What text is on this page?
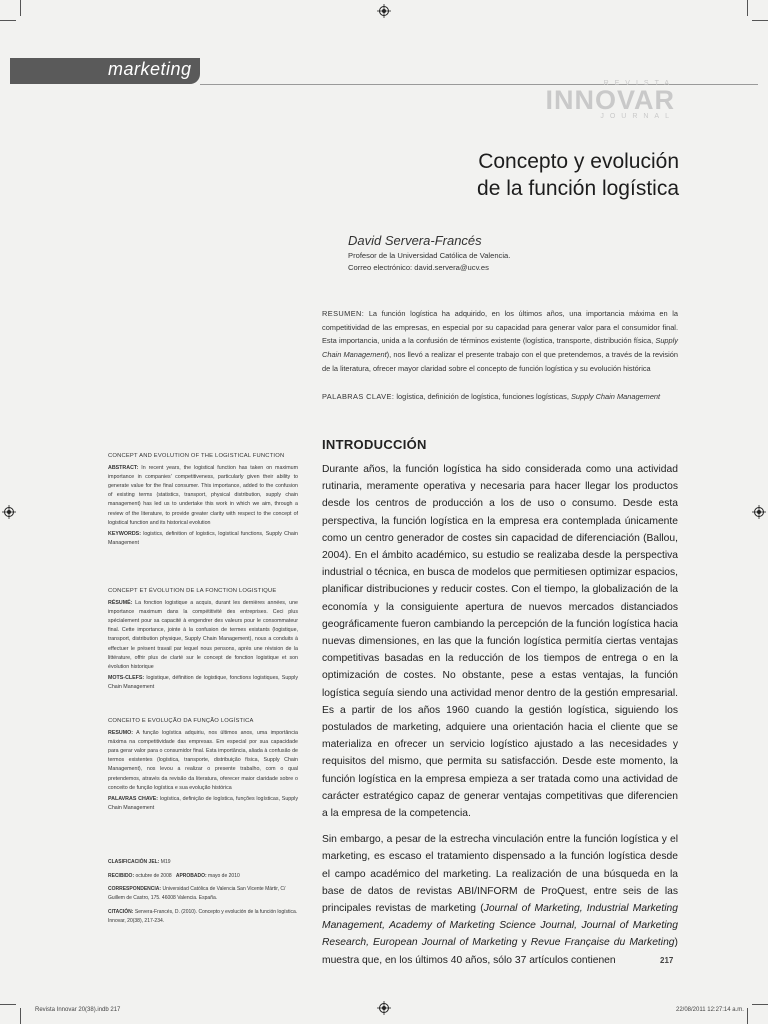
marketing
REVISTA
INNOVAR
JOURNAL
Concepto y evolución
de la función logística
David Servera-Francés
Profesor de la Universidad Católica de Valencia.
Correo electrónico: david.servera@ucv.es
RESUMEN: La función logística ha adquirido, en los últimos años, una importancia máxima en la competitividad de las empresas, en especial por su capacidad para generar valor para el consumidor final. Esta importancia, unida a la confusión de términos existente (logística, transporte, distribución física, Supply Chain Management), nos llevó a realizar el presente trabajo con el que pretendemos, a través de la revisión de la literatura, ofrecer mayor claridad sobre el concepto de función logística y su evolución histórica
PALABRAS CLAVE: logística, definición de logística, funciones logísticas, Supply Chain Management
INTRODUCCIÓN

Durante años, la función logística ha sido considerada como una actividad rutinaria, meramente operativa y necesaria para hacer llegar los productos desde los centros de producción a los de uso o consumo. Desde esta perspectiva, la función logística en la empresa era contemplada únicamente como un centro generador de costes sin capacidad de diferenciación (Ballou, 2004). En el ámbito académico, su estudio se realizaba desde la perspectiva industrial o técnica, en busca de modelos que permitiesen optimizar espacios, planificar distribuciones y reducir costes. Con el tiempo, la globalización de la economía y la consiguiente apertura de nuevos mercados distanciados geográficamente fueron cambiando la percepción de la función logística hacia nuevas dimensiones, en las que la función logística permitía ciertas ventajas competitivas basadas en la reducción de los tiempos de entrega o en la optimización de costes. No obstante, pese a estas ventajas, la función logística seguía siendo una actividad menor dentro de la gestión empresarial. Es a partir de los años 1960 cuando la gestión logística, siguiendo los postulados de marketing, adquiere una orientación hacia el cliente que se materializa en ofrecer un servicio logístico ajustado a las necesidades y requisitos del mismo, que permita su satisfacción. Desde este momento, la función logística en la empresa empieza a ser tratada como una actividad de carácter estratégico capaz de generar ventajas competitivas que diferencien a la empresa de la competencia.

Sin embargo, a pesar de la estrecha vinculación entre la función logística y el marketing, es escaso el tratamiento dispensado a la función logística desde el campo académico del marketing. La realización de una búsqueda en la base de datos de revistas ABI/INFORM de ProQuest, entre seis de las principales revistas de marketing (Journal of Marketing, Industrial Marketing Management, Academy of Marketing Science Journal, Journal of Marketing Research, European Journal of Marketing y Revue Française du Marketing) muestra que, en los últimos 40 años, sólo 37 artículos contienen

CONCEPT AND EVOLUTION OF THE LOGISTICAL FUNCTION

ABSTRACT: In recent years, the logistical function has taken on maximum importance in companies' competitiveness, particularly given their ability to generate value for the final consumer. This importance, added to the confusion of existing terms (statistics, transport, physical distribution, supply chain management) has led us to undertake this work in which we aim, through a review of the literature, to provide greater clarity with respect to the concept of logistical function and its historical evolution

KEYWORDS: logistics, definition of logistics, logistical functions, Supply Chain Management

CONCEPT ET ÉVOLUTION DE LA FONCTION LOGISTIQUE

RÉSUMÉ: La fonction logistique a acquis, durant les dernières années, une importance maximum dans la compétitivité des entreprises. Ceci plus spécialement pour sa capacité à engendrer des valeurs pour le consommateur final. Cette importance, jointe à la confusion de termes existants (logistique, transport, distribution physique, Supply Chain Management), nous a conduits à effectuer le présent travail par lequel nous pensons, après une révision de la littérature, offrir plus de clarté sur le concept de fonction logistique et son évolution historique

MOTS-CLEFS: logistique, définition de logistique, fonctions logistiques, Supply Chain Management

CONCEITO E EVOLUÇÃO DA FUNÇÃO LOGÍSTICA

RESUMO: A função logística adquiriu, nos últimos anos, uma importância máxima na competitividade das empresas. Em especial por sua capacidade para gerar valor para o consumidor final. Esta importância, aliada à confusão de termos existentes (logística, transporte, distribuição física, Supply Chain Management), nos levou a realizar o presente trabalho, com o qual pretendemos, através da revisão da literatura, oferecer maior claridade sobre o conceito de função logística e sua evolução histórica

PALAVRAS CHAVE: logística, definição de logística, funções logísticas, Supply Chain Management

CLASIFICACIÓN JEL: M19

RECIBIDO: octubre de 2008 APROBADO: mayo de 2010

CORRESPONDENCIA: Universidad Católica de Valencia San Vicente Mártir, C/ Guillem de Castro, 175. 46008 Valencia. España.

CITACIÓN: Servera-Francés, D. (2010). Concepto y evolución de la función logística. Innovar, 20(38), 217-234.

217
Revista Innovar 20(38).indb 217	22/08/2011 12:27:14 a.m.
